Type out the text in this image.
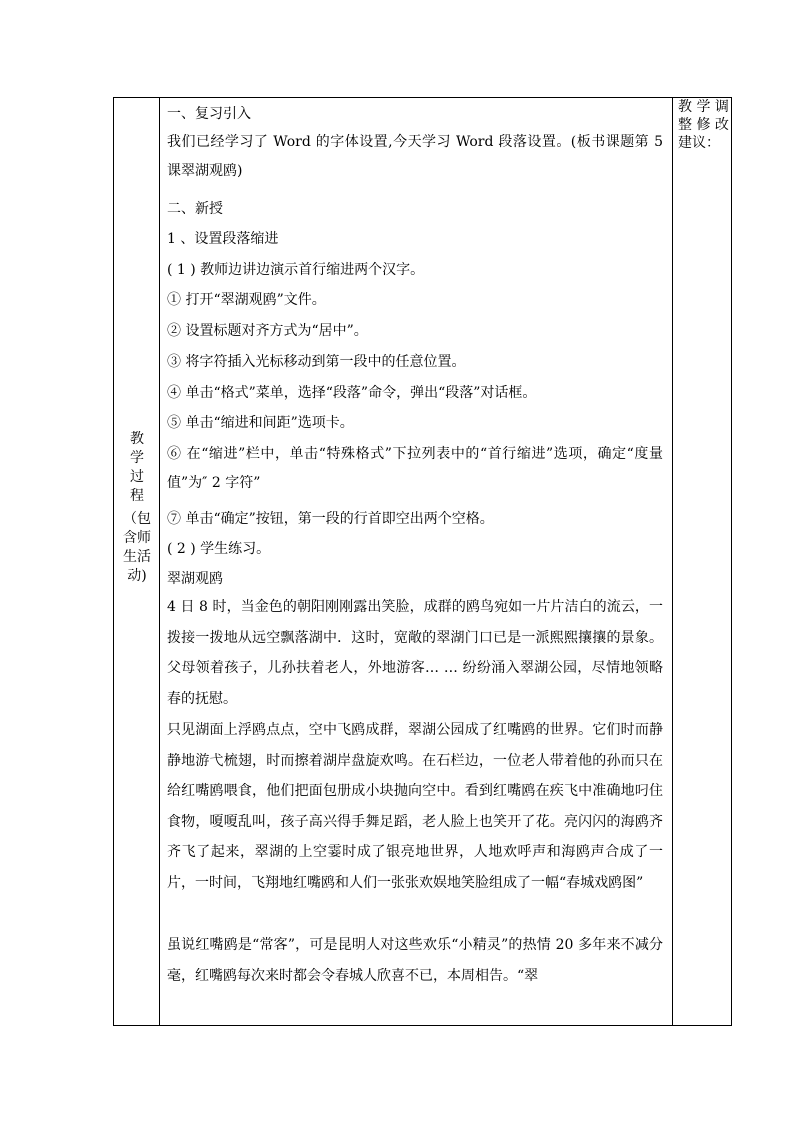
教学过程
（包含师生活动)
一、复习引入
我们已经学习了 Word 的字体设置,今天学习 Word 段落设置。(板书课题第 5 课翠湖观鸥)
二、新授
1 、设置段落缩进
( 1 ) 教师边讲边演示首行缩进两个汉字。
① 打开“翠湖观鸥”文件。
② 设置标题对齐方式为“居中”。
③ 将字符插入光标移动到第一段中的任意位置。
④ 单击“格式”菜单，选择“段落”命令，弹出“段落”对话框。
⑤ 单击“缩进和间距”选项卡。
⑥ 在“缩进”栏中，单击“特殊格式”下拉列表中的“首行缩进”选项，确定“度量值”为″ 2 字符”
⑦ 单击“确定”按钮，第一段的行首即空出两个空格。
( 2 ) 学生练习。
翠湖观鸥
4 日 8 时，当金色的朝阳刚刚露出笑脸，成群的鸥鸟宛如一片片洁白的流云，一拨接一拨地从远空飘落湖中．这时，宽敞的翠湖门口已是一派熙熙攘攘的景象。父母领着孩子，儿孙扶着老人，外地游客… … 纷纷涌入翠湖公园，尽情地领略春的抚慰。
只见湖面上浮鸥点点，空中飞鸥成群，翠湖公园成了红嘴鸥的世界。它们时而静静地游弋梳翅，时而擦着湖岸盘旋欢鸣。在石栏边，一位老人带着他的孙而只在给红嘴鸥喂食，他们把面包册成小块抛向空中。看到红嘴鸥在疾飞中准确地叼住食物，嗄嗄乱叫，孩子高兴得手舞足蹈，老人脸上也笑开了花。亮闪闪的海鸥齐齐飞了起来，翠湖的上空霎时成了银亮地世界，人地欢呼声和海鸥声合成了一片，一时间，飞翔地红嘴鸥和人们一张张欢娱地笑脸组成了一幅“春城戏鸥图”
虽说红嘴鸥是“常客”，可是昆明人对这些欢乐“小精灵”的热情 20 多年来不减分毫，红嘴鸥每次来时都会令春城人欣喜不已，本周相告。“翠
教 学 调 整 修 改 建议：
